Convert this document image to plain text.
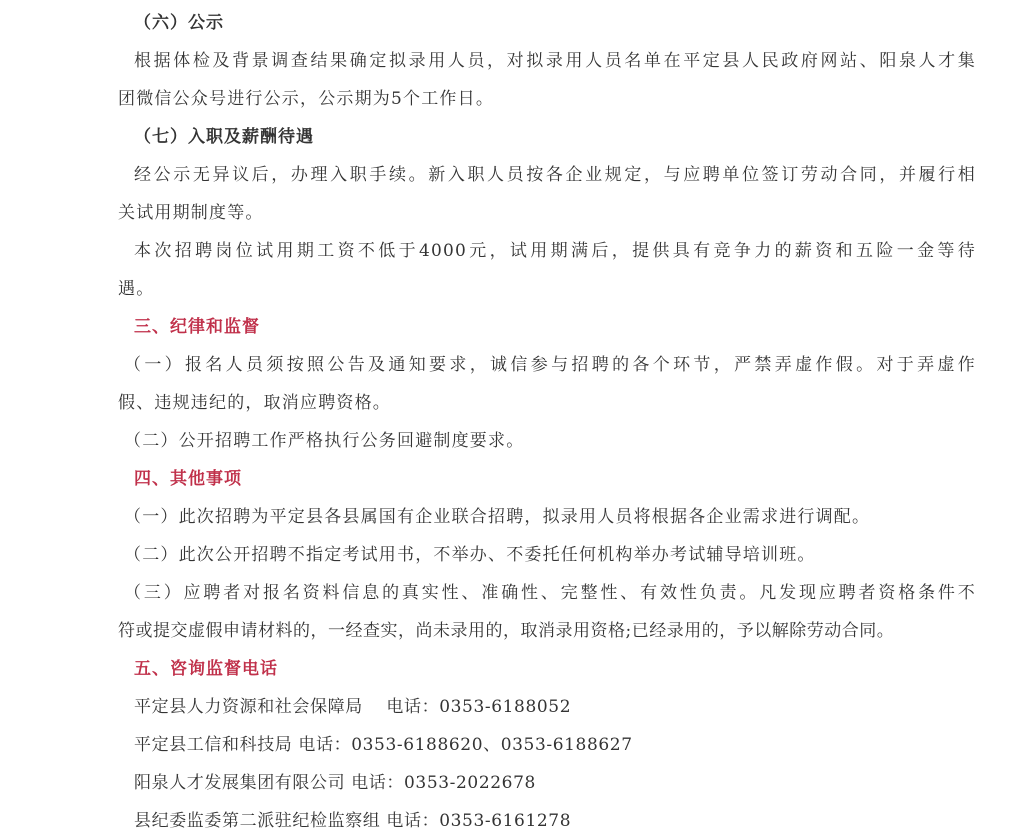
（六）公示
根据体检及背景调查结果确定拟录用人员，对拟录用人员名单在平定县人民政府网站、阳泉人才集
团微信公众号进行公示，公示期为5个工作日。
（七）入职及薪酬待遇
经公示无异议后，办理入职手续。新入职人员按各企业规定，与应聘单位签订劳动合同，并履行相
关试用期制度等。
本次招聘岗位试用期工资不低于4000元，试用期满后，提供具有竞争力的薪资和五险一金等待
遇。
三、纪律和监督
（一）报名人员须按照公告及通知要求，诚信参与招聘的各个环节，严禁弄虚作假。对于弄虚作
假、违规违纪的，取消应聘资格。
（二）公开招聘工作严格执行公务回避制度要求。
四、其他事项
（一）此次招聘为平定县各县属国有企业联合招聘，拟录用人员将根据各企业需求进行调配。
（二）此次公开招聘不指定考试用书，不举办、不委托任何机构举办考试辅导培训班。
（三）应聘者对报名资料信息的真实性、准确性、完整性、有效性负责。凡发现应聘者资格条件不
符或提交虚假申请材料的，一经查实，尚未录用的，取消录用资格;已经录用的，予以解除劳动合同。
五、咨询监督电话
平定县人力资源和社会保障局　 电话：0353-6188052
平定县工信和科技局 电话：0353-6188620、0353-6188627
阳泉人才发展集团有限公司 电话：0353-2022678
县纪委监委第二派驻纪检监察组 电话：0353-6161278
